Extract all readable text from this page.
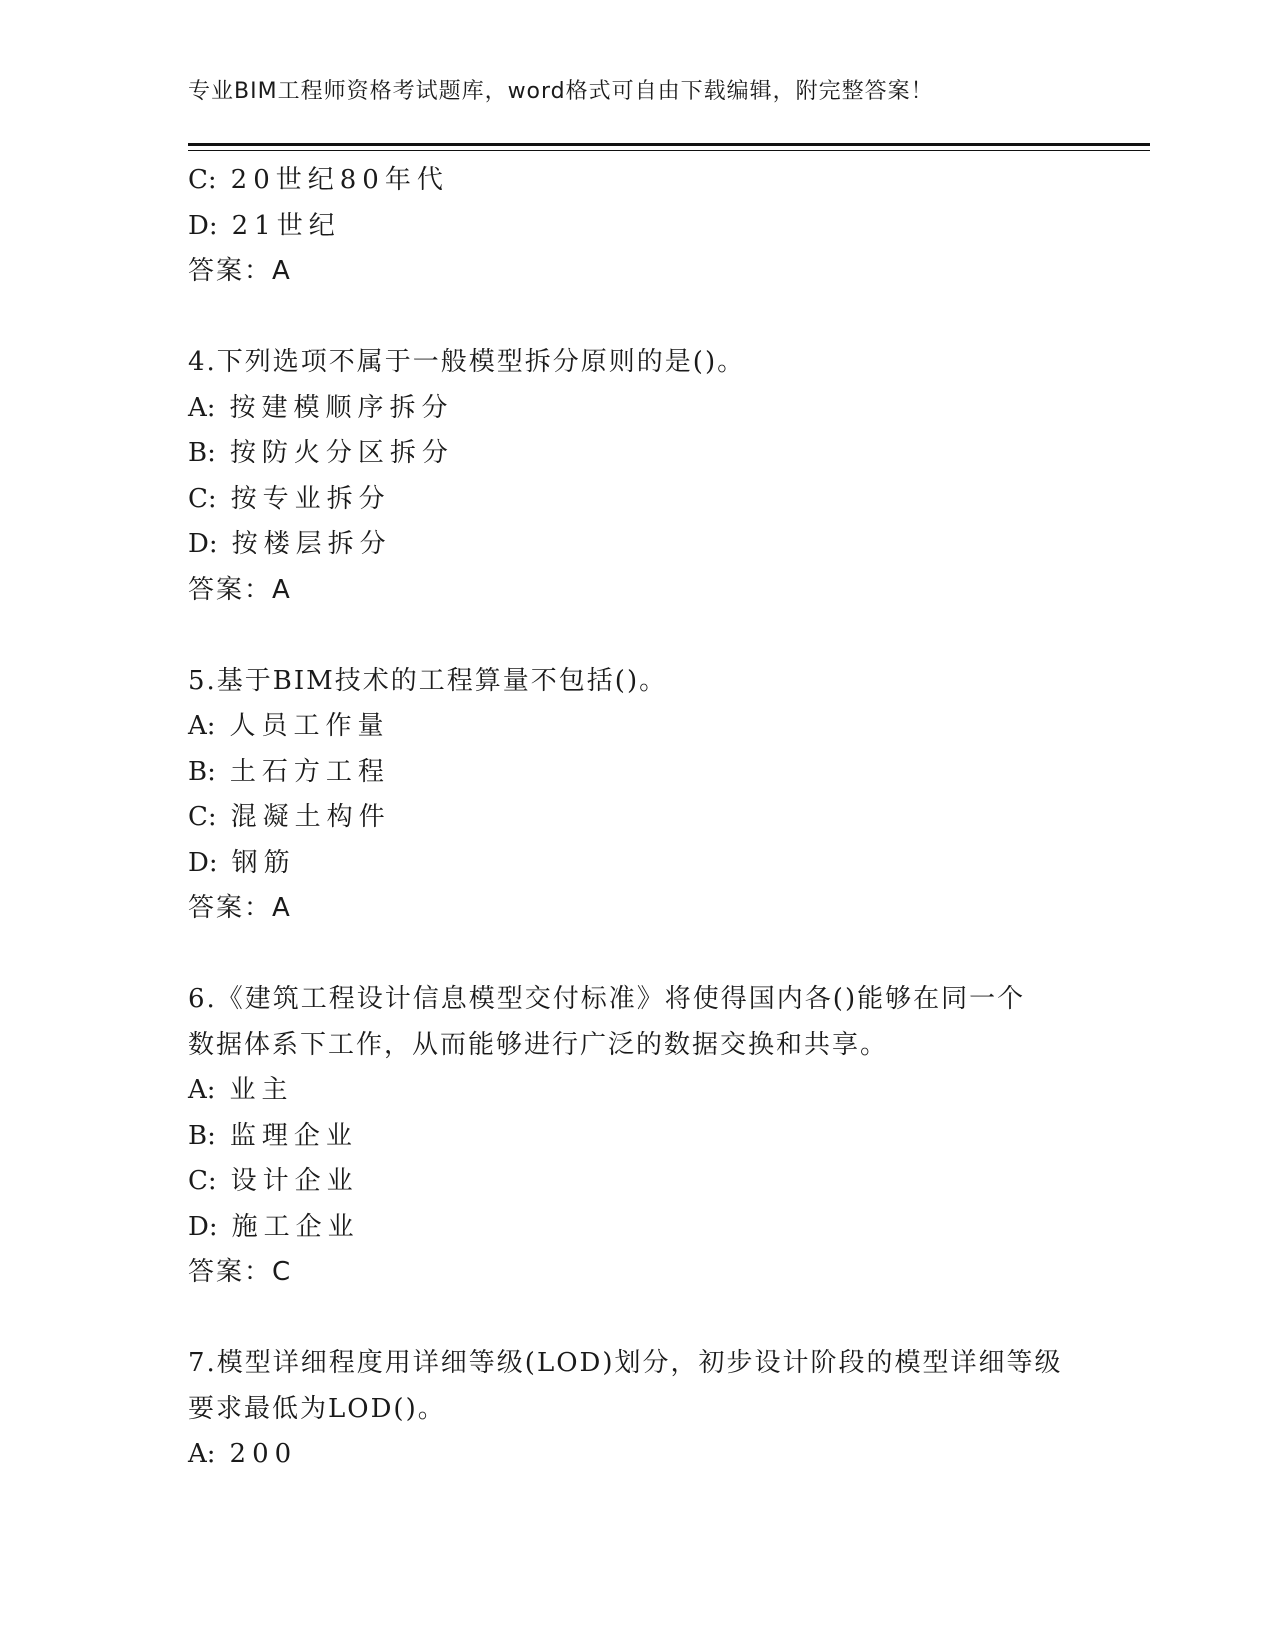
专业BIM工程师资格考试题库，word格式可自由下载编辑，附完整答案！
C: 20世纪80年代
D: 21世纪
答案：A
4.下列选项不属于一般模型拆分原则的是()。
A: 按建模顺序拆分
B: 按防火分区拆分
C: 按专业拆分
D: 按楼层拆分
答案：A
5.基于BIM技术的工程算量不包括()。
A: 人员工作量
B: 土石方工程
C: 混凝土构件
D: 钢筋
答案：A
6.《建筑工程设计信息模型交付标准》将使得国内各()能够在同一个
数据体系下工作，从而能够进行广泛的数据交换和共享。
A: 业主
B: 监理企业
C: 设计企业
D: 施工企业
答案：C
7.模型详细程度用详细等级(LOD)划分，初步设计阶段的模型详细等级
要求最低为LOD()。
A: 200
